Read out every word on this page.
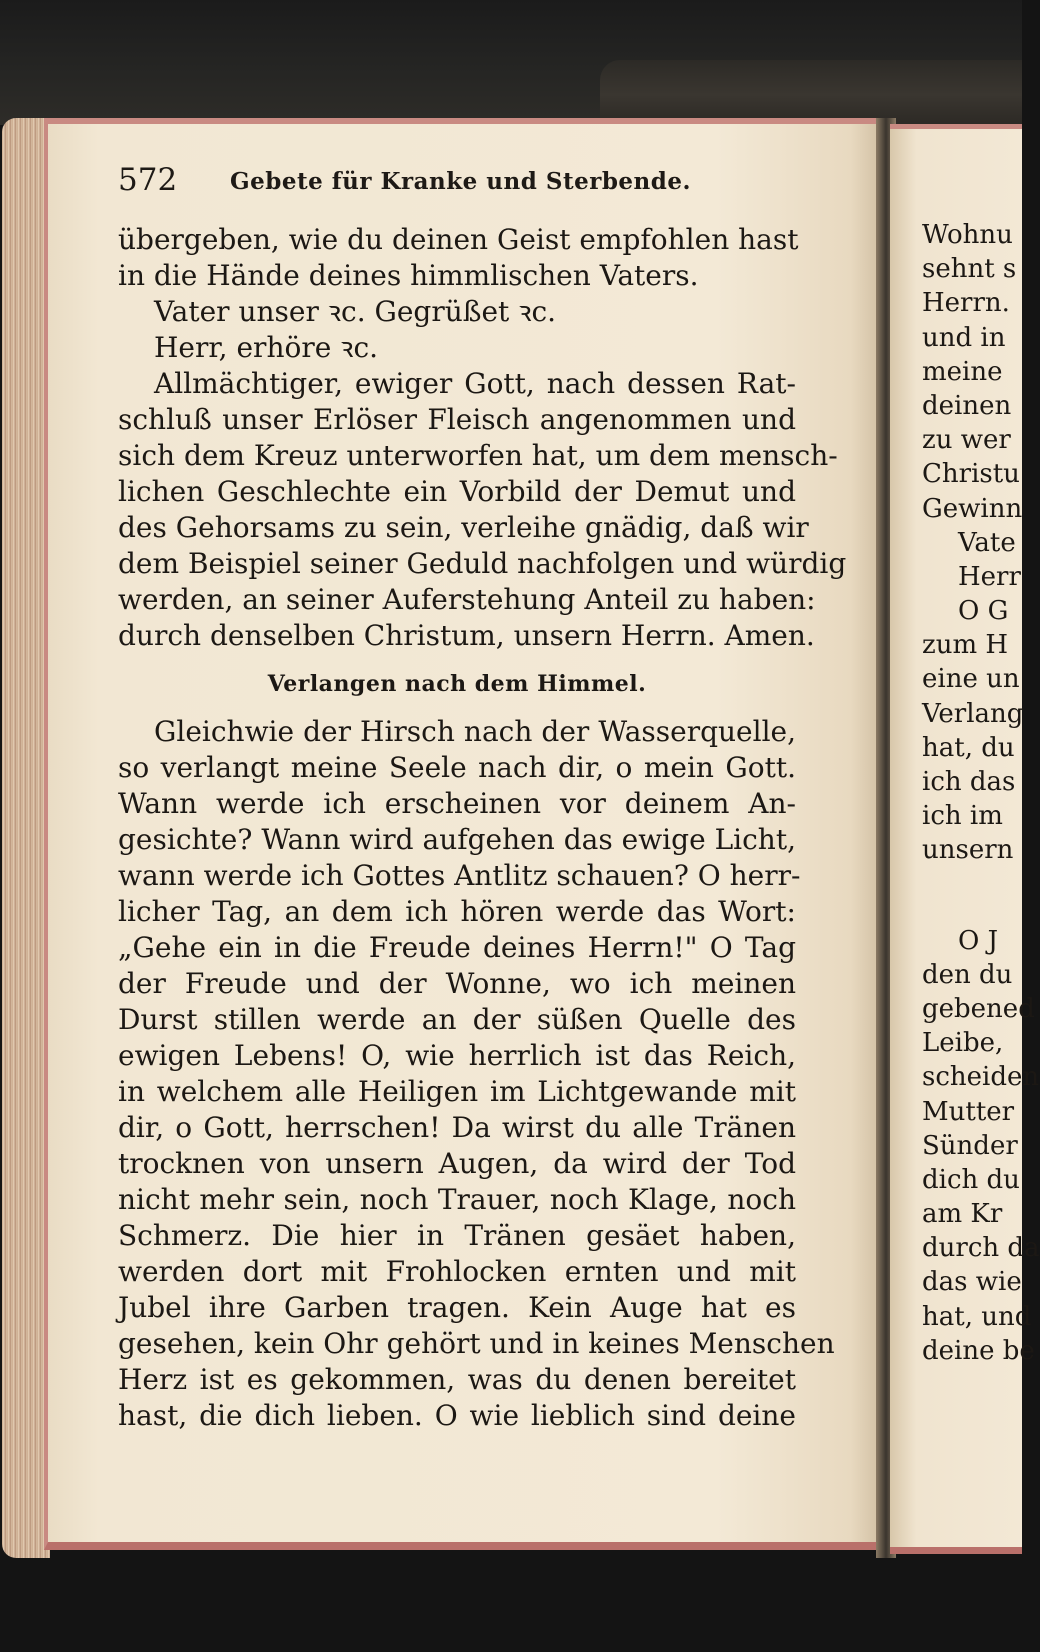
572 Gebete für Kranke und Sterbende.
übergeben, wie du deinen Geist empfohlen hast
in die Hände deines himmlischen Vaters.
Vater unser ꝛc. Gegrüßet ꝛc.
Herr, erhöre ꝛc.
Allmächtiger, ewiger Gott, nach dessen Rat-
schluß unser Erlöser Fleisch angenommen und
sich dem Kreuz unterworfen hat, um dem mensch-
lichen Geschlechte ein Vorbild der Demut und
des Gehorsams zu sein, verleihe gnädig, daß wir
dem Beispiel seiner Geduld nachfolgen und würdig
werden, an seiner Auferstehung Anteil zu haben:
durch denselben Christum, unsern Herrn. Amen.
Verlangen nach dem Himmel.
Gleichwie der Hirsch nach der Wasserquelle,
so verlangt meine Seele nach dir, o mein Gott.
Wann werde ich erscheinen vor deinem An-
gesichte? Wann wird aufgehen das ewige Licht,
wann werde ich Gottes Antlitz schauen? O herr-
licher Tag, an dem ich hören werde das Wort:
„Gehe ein in die Freude deines Herrn!" O Tag
der Freude und der Wonne, wo ich meinen
Durst stillen werde an der süßen Quelle des
ewigen Lebens! O, wie herrlich ist das Reich,
in welchem alle Heiligen im Lichtgewande mit
dir, o Gott, herrschen! Da wirst du alle Tränen
trocknen von unsern Augen, da wird der Tod
nicht mehr sein, noch Trauer, noch Klage, noch
Schmerz. Die hier in Tränen gesäet haben,
werden dort mit Frohlocken ernten und mit
Jubel ihre Garben tragen. Kein Auge hat es
gesehen, kein Ohr gehört und in keines Menschen
Herz ist es gekommen, was du denen bereitet
hast, die dich lieben. O wie lieblich sind deine
Wohnu
sehnt s
Herrn.
und in
meine
deinen
zu wer
Christu
Gewinn
Vate
Herr
O G
zum H
eine un
Verlang
hat, du
ich das
ich im
unsern
O J
den du
gebened
Leibe,
scheiden
Mutter
Sünder
dich du
am Kr
durch da
das wie
hat, und
deine be
